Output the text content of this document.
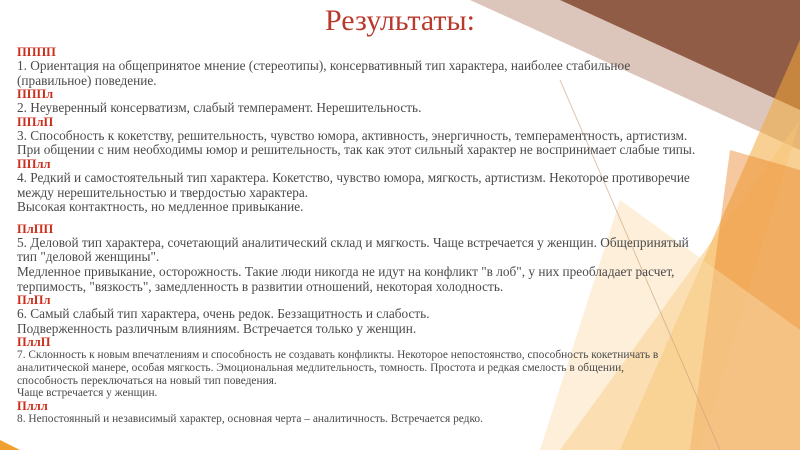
Результаты:
ПППП
1. Ориентация на общепринятое мнение (стереотипы), консервативный тип характера, наиболее стабильное
(правильное) поведение.
ПППл
2. Неуверенный консерватизм, слабый темперамент. Нерешительность.
ППлП
3. Способность к кокетству, решительность, чувство юмора, активность, энергичность, темпераментность, артистизм.
При общении с ним необходимы юмор и решительность, так как этот сильный характер не воспринимает слабые типы.
ППлл
4. Редкий и самостоятельный тип характера. Кокетство, чувство юмора, мягкость, артистизм. Некоторое противоречие
между нерешительностью и твердостью характера.
Высокая контактность, но медленное привыкание.
ПлПП
5. Деловой тип характера, сочетающий аналитический склад и мягкость. Чаще встречается у женщин. Общепринятый
тип "деловой женщины".
Медленное привыкание, осторожность. Такие люди никогда не идут на конфликт "в лоб", у них преобладает расчет,
терпимость, "вязкость", замедленность в развитии отношений, некоторая холодность.
ПлПл
6. Самый слабый тип характера, очень редок. Беззащитность и слабость.
Подверженность различным влияниям. Встречается только у женщин.
ПллП
7. Склонность к новым впечатлениям и способность не создавать конфликты. Некоторое непостоянство, способность кокетничать в
аналитической манере, особая мягкость. Эмоциональная медлительность, томность. Простота и редкая смелость в общении,
способность переключаться на новый тип поведения.
Чаще встречается у женщин.
Пллл
8. Непостоянный и независимый характер, основная черта – аналитичность. Встречается редко.
